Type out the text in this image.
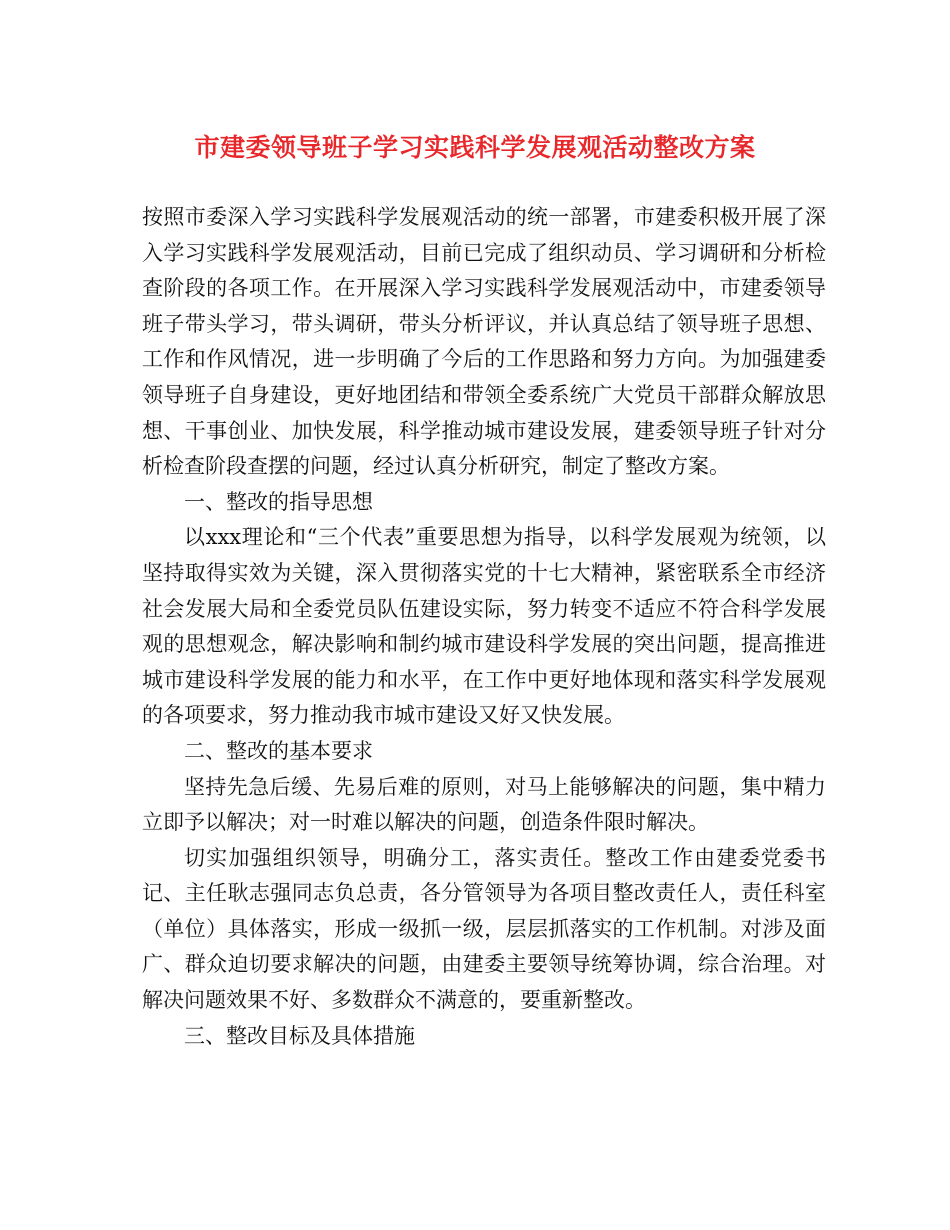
市建委领导班子学习实践科学发展观活动整改方案

按照市委深入学习实践科学发展观活动的统一部署，市建委积极开展了深入学习实践科学发展观活动，目前已完成了组织动员、学习调研和分析检查阶段的各项工作。在开展深入学习实践科学发展观活动中，市建委领导班子带头学习，带头调研，带头分析评议，并认真总结了领导班子思想、工作和作风情况，进一步明确了今后的工作思路和努力方向。为加强建委领导班子自身建设，更好地团结和带领全委系统广大党员干部群众解放思想、干事创业、加快发展，科学推动城市建设发展，建委领导班子针对分析检查阶段查摆的问题，经过认真分析研究，制定了整改方案。

一、整改的指导思想

以xxx理论和“三个代表”重要思想为指导，以科学发展观为统领，以坚持取得实效为关键，深入贯彻落实党的十七大精神，紧密联系全市经济社会发展大局和全委党员队伍建设实际，努力转变不适应不符合科学发展观的思想观念，解决影响和制约城市建设科学发展的突出问题，提高推进城市建设科学发展的能力和水平，在工作中更好地体现和落实科学发展观的各项要求，努力推动我市城市建设又好又快发展。

二、整改的基本要求

坚持先急后缓、先易后难的原则，对马上能够解决的问题，集中精力立即予以解决；对一时难以解决的问题，创造条件限时解决。

切实加强组织领导，明确分工，落实责任。整改工作由建委党委书记、主任耿志强同志负总责，各分管领导为各项目整改责任人，责任科室（单位）具体落实，形成一级抓一级，层层抓落实的工作机制。对涉及面广、群众迫切要求解决的问题，由建委主要领导统筹协调，综合治理。对解决问题效果不好、多数群众不满意的，要重新整改。

三、整改目标及具体措施
